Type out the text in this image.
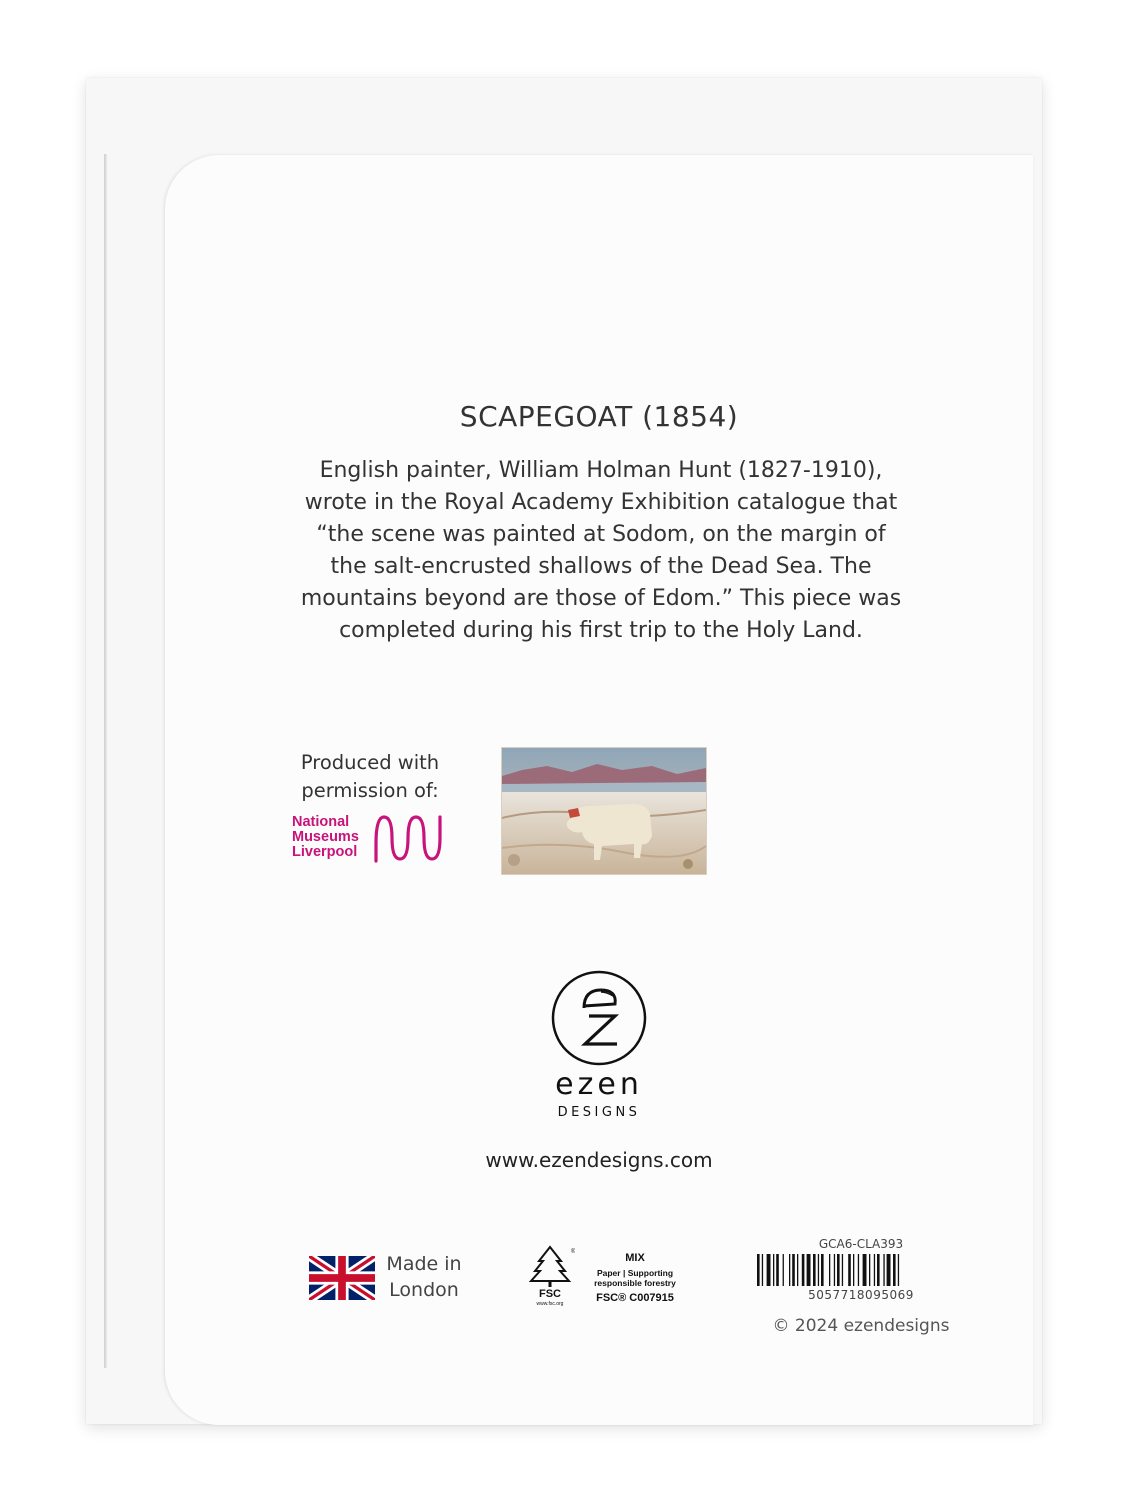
SCAPEGOAT (1854)
English painter, William Holman Hunt (1827-1910), wrote in the Royal Academy Exhibition catalogue that “the scene was painted at Sodom, on the margin of the salt-encrusted shallows of the Dead Sea. The mountains beyond are those of Edom.” This piece was completed during his first trip to the Holy Land.
Produced with permission of:
National
Museums
Liverpool
ezen
DESIGNS
www.ezendesigns.com
Made in
London	FSC
www.fsc.org
®	MIX
Paper | Supporting
responsible forestry
FSC® C007915
GCA6-CLA393
5057718095069
© 2024 ezendesigns
